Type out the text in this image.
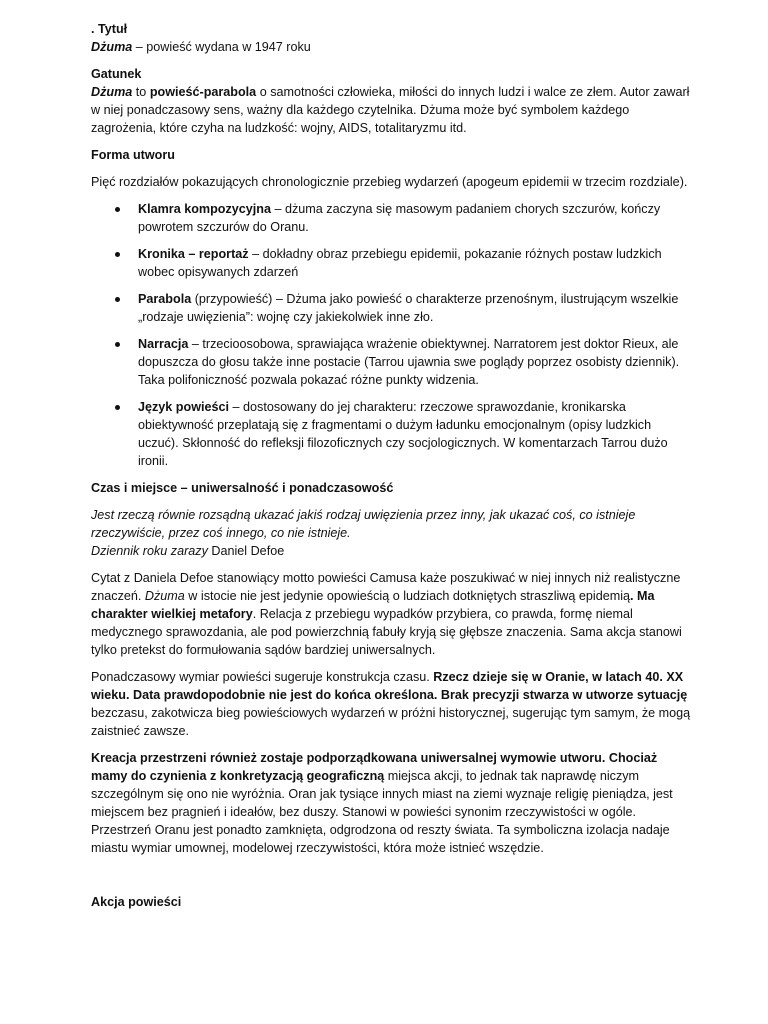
. Tytuł

Dżuma – powieść wydana w 1947 roku

Gatunek

Dżuma to powieść-parabola o samotności człowieka, miłości do innych ludzi i walce ze złem. Autor zawarł w niej ponadczasowy sens, ważny dla każdego czytelnika. Dżuma może być symbolem każdego zagrożenia, które czyha na ludzkość: wojny, AIDS, totalitaryzmu itd.

Forma utworu

Pięć rozdziałów pokazujących chronologicznie przebieg wydarzeń (apogeum epidemii w trzecim rozdziale).

Klamra kompozycyjna – dżuma zaczyna się masowym padaniem chorych szczurów, kończy powrotem szczurów do Oranu.
Kronika – reportaż – dokładny obraz przebiegu epidemii, pokazanie różnych postaw ludzkich wobec opisywanych zdarzeń
Parabola (przypowieść) – Dżuma jako powieść o charakterze przenośnym, ilustrującym wszelkie „rodzaje uwięzienia”: wojnę czy jakiekolwiek inne zło.
Narracja – trzecioosobowa, sprawiająca wrażenie obiektywnej. Narratorem jest doktor Rieux, ale dopuszcza do głosu także inne postacie (Tarrou ujawnia swe poglądy poprzez osobisty dziennik). Taka polifoniczność pozwala pokazać różne punkty widzenia.
Język powieści – dostosowany do jej charakteru: rzeczowe sprawozdanie, kronikarska obiektywność przeplatają się z fragmentami o dużym ładunku emocjonalnym (opisy ludzkich uczuć). Skłonność do refleksji filozoficznych czy socjologicznych. W komentarzach Tarrou dużo ironii.

Czas i miejsce – uniwersalność i ponadczasowość

Jest rzeczą równie rozsądną ukazać jakiś rodzaj uwięzienia przez inny, jak ukazać coś, co istnieje rzeczywiście, przez coś innego, co nie istnieje.

Dziennik roku zarazy Daniel Defoe

Cytat z Daniela Defoe stanowiący motto powieści Camusa każe poszukiwać w niej innych niż realistyczne znaczeń. Dżuma w istocie nie jest jedynie opowieścią o ludziach dotkniętych straszliwą epidemią. Ma charakter wielkiej metafory. Relacja z przebiegu wypadków przybiera, co prawda, formę niemal medycznego sprawozdania, ale pod powierzchnią fabuły kryją się głębsze znaczenia. Sama akcja stanowi tylko pretekst do formułowania sądów bardziej uniwersalnych.

Ponadczasowy wymiar powieści sugeruje konstrukcja czasu. Rzecz dzieje się w Oranie, w latach 40. XX wieku. Data prawdopodobnie nie jest do końca określona. Brak precyzji stwarza w utworze sytuację bezczasu, zakotwicza bieg powieściowych wydarzeń w próżni historycznej, sugerując tym samym, że mogą zaistnieć zawsze.

Kreacja przestrzeni również zostaje podporządkowana uniwersalnej wymowie utworu. Chociaż mamy do czynienia z konkretyzacją geograficzną miejsca akcji, to jednak tak naprawdę niczym szczególnym się ono nie wyróżnia. Oran jak tysiące innych miast na ziemi wyznaje religię pieniądza, jest miejscem bez pragnień i ideałów, bez duszy. Stanowi w powieści synonim rzeczywistości w ogóle. Przestrzeń Oranu jest ponadto zamknięta, odgrodzona od reszty świata. Ta symboliczna izolacja nadaje miastu wymiar umownej, modelowej rzeczywistości, która może istnieć wszędzie.

Akcja powieści
